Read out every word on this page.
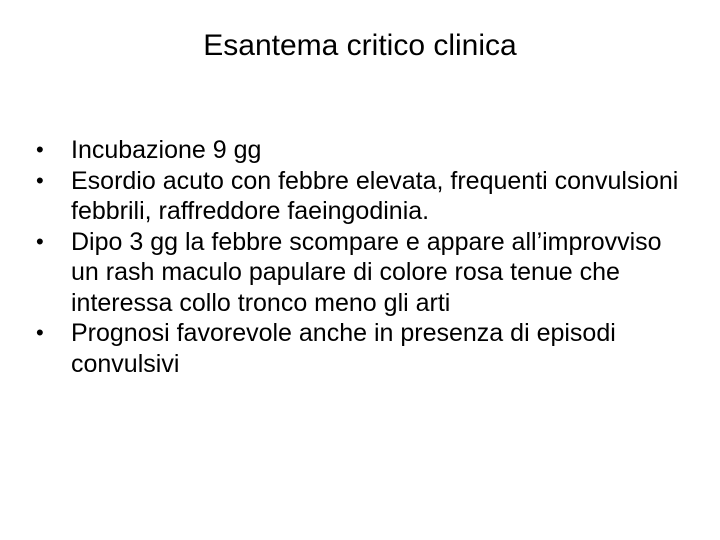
Esantema critico clinica
•	Incubazione 9 gg
•	Esordio acuto con febbre elevata, frequenti convulsioni febbrili, raffreddore faeingodinia.
•	Dipo 3 gg la febbre scompare e appare all’improvviso un rash maculo papulare di colore rosa tenue che interessa collo tronco meno gli arti
•	Prognosi favorevole anche in presenza di episodi convulsivi
